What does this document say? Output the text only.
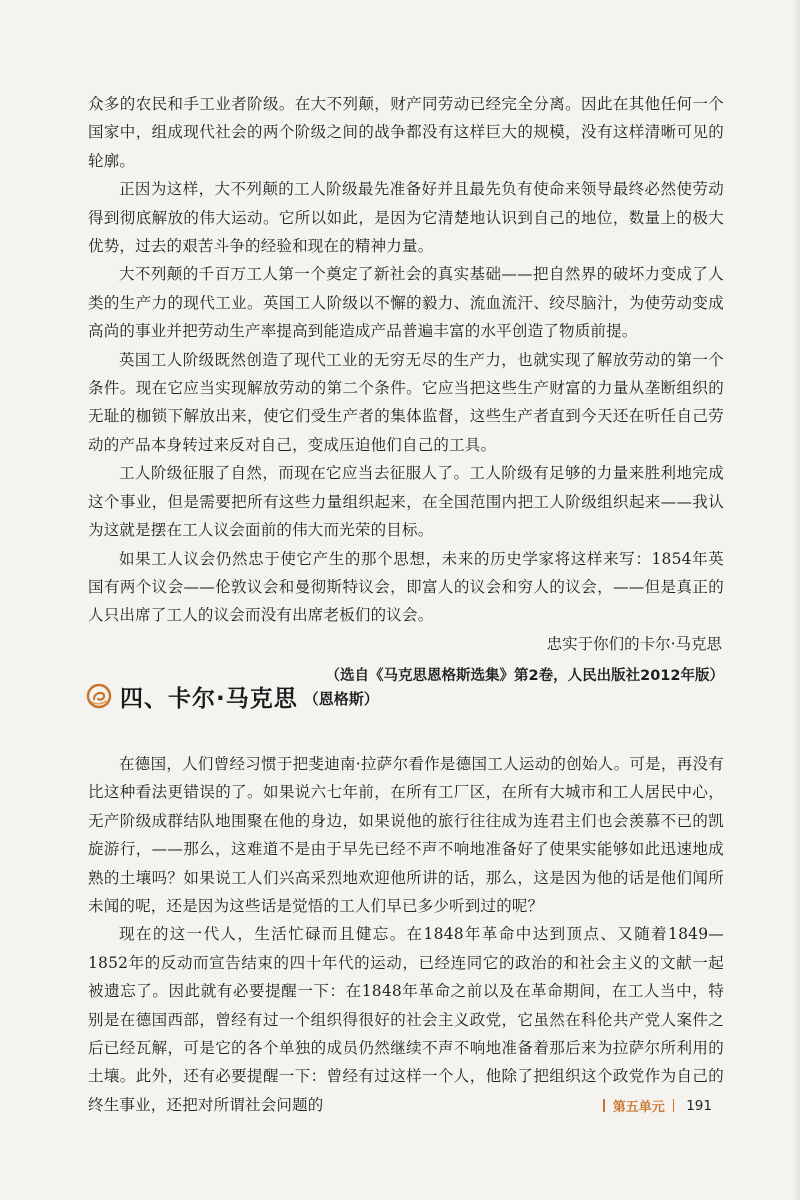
众多的农民和手工业者阶级。在大不列颠，财产同劳动已经完全分离。因此在其他任何一个国家中，组成现代社会的两个阶级之间的战争都没有这样巨大的规模，没有这样清晰可见的轮廓。

正因为这样，大不列颠的工人阶级最先准备好并且最先负有使命来领导最终必然使劳动得到彻底解放的伟大运动。它所以如此，是因为它清楚地认识到自己的地位，数量上的极大优势，过去的艰苦斗争的经验和现在的精神力量。

大不列颠的千百万工人第一个奠定了新社会的真实基础——把自然界的破坏力变成了人类的生产力的现代工业。英国工人阶级以不懈的毅力、流血流汗、绞尽脑汁，为使劳动变成高尚的事业并把劳动生产率提高到能造成产品普遍丰富的水平创造了物质前提。

英国工人阶级既然创造了现代工业的无穷无尽的生产力，也就实现了解放劳动的第一个条件。现在它应当实现解放劳动的第二个条件。它应当把这些生产财富的力量从垄断组织的无耻的枷锁下解放出来，使它们受生产者的集体监督，这些生产者直到今天还在听任自己劳动的产品本身转过来反对自己，变成压迫他们自己的工具。

工人阶级征服了自然，而现在它应当去征服人了。工人阶级有足够的力量来胜利地完成这个事业，但是需要把所有这些力量组织起来，在全国范围内把工人阶级组织起来——我认为这就是摆在工人议会面前的伟大而光荣的目标。

如果工人议会仍然忠于使它产生的那个思想，未来的历史学家将这样来写：1854年英国有两个议会——伦敦议会和曼彻斯特议会，即富人的议会和穷人的议会，——但是真正的人只出席了工人的议会而没有出席老板们的议会。

忠实于你们的卡尔·马克思

（选自《马克思恩格斯选集》第2卷，人民出版社2012年版）

四、卡尔·马克思 （恩格斯）

在德国，人们曾经习惯于把斐迪南·拉萨尔看作是德国工人运动的创始人。可是，再没有比这种看法更错误的了。如果说六七年前，在所有工厂区，在所有大城市和工人居民中心，无产阶级成群结队地围聚在他的身边，如果说他的旅行往往成为连君主们也会羡慕不已的凯旋游行，——那么，这难道不是由于早先已经不声不响地准备好了使果实能够如此迅速地成熟的土壤吗？如果说工人们兴高采烈地欢迎他所讲的话，那么，这是因为他的话是他们闻所未闻的呢，还是因为这些话是觉悟的工人们早已多少听到过的呢？

现在的这一代人，生活忙碌而且健忘。在1848年革命中达到顶点、又随着1849—1852年的反动而宣告结束的四十年代的运动，已经连同它的政治的和社会主义的文献一起被遗忘了。因此就有必要提醒一下：在1848年革命之前以及在革命期间，在工人当中，特别是在德国西部，曾经有过一个组织得很好的社会主义政党，它虽然在科伦共产党人案件之后已经瓦解，可是它的各个单独的成员仍然继续不声不响地准备着那后来为拉萨尔所利用的土壤。此外，还有必要提醒一下：曾经有过这样一个人，他除了把组织这个政党作为自己的终生事业，还把对所谓社会问题的	第五单元 191
